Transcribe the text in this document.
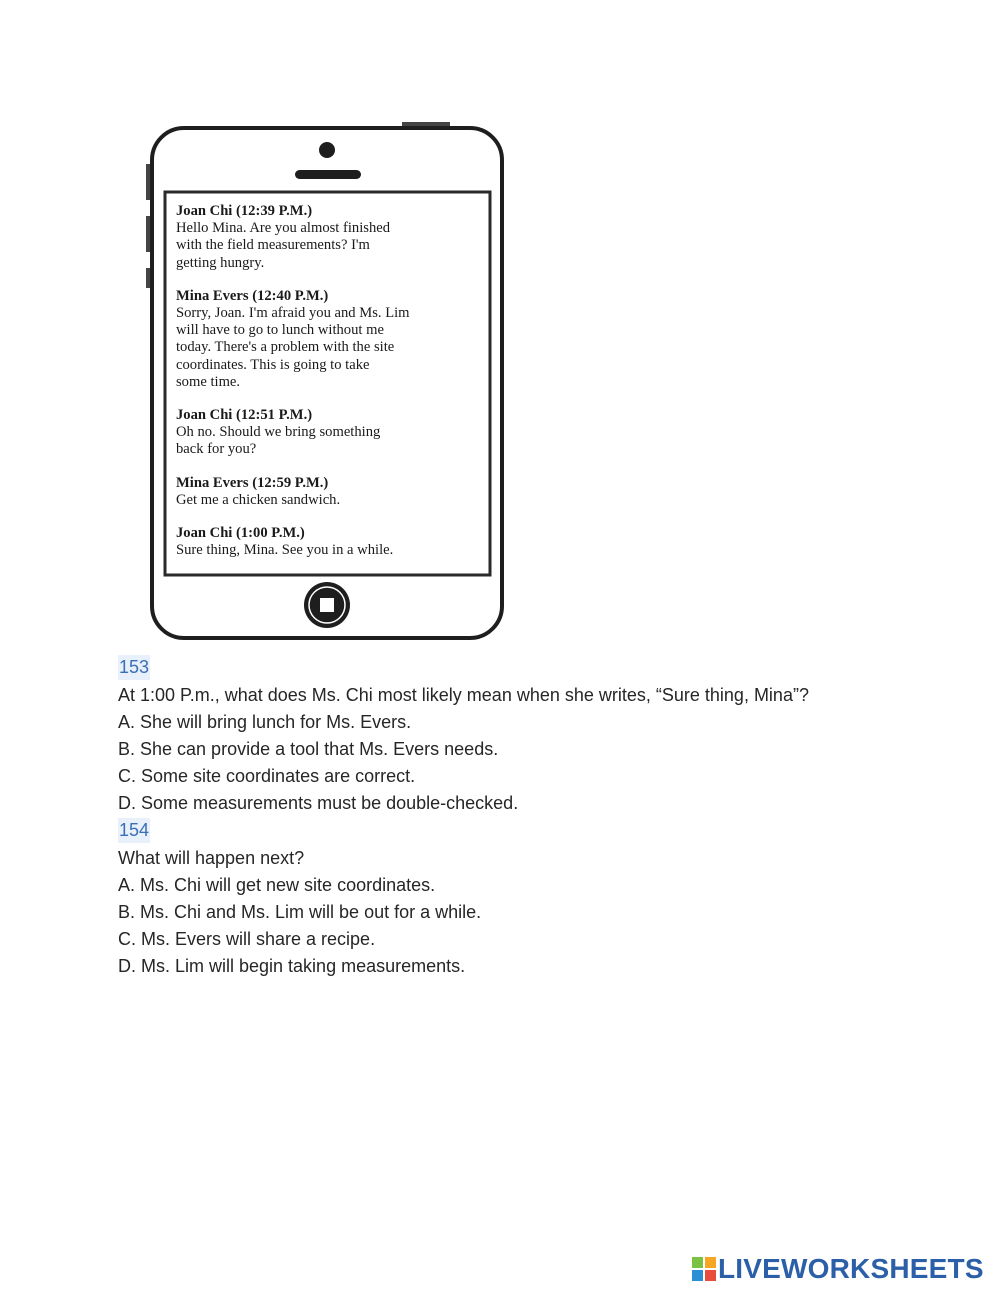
Joan Chi (12:39 P.M.)
Hello Mina. Are you almost finished
with the field measurements? I'm
getting hungry.
Mina Evers (12:40 P.M.)
Sorry, Joan. I'm afraid you and Ms. Lim
will have to go to lunch without me
today. There's a problem with the site
coordinates. This is going to take
some time.
Joan Chi (12:51 P.M.)
Oh no. Should we bring something
back for you?
Mina Evers (12:59 P.M.)
Get me a chicken sandwich.
Joan Chi (1:00 P.M.)
Sure thing, Mina. See you in a while.
153
At 1:00 P.m., what does Ms. Chi most likely mean when she writes, “Sure thing, Mina”?
A. She will bring lunch for Ms. Evers.
B. She can provide a tool that Ms. Evers needs.
C. Some site coordinates are correct.
D. Some measurements must be double-checked.
154
What will happen next?
A. Ms. Chi will get new site coordinates.
B. Ms. Chi and Ms. Lim will be out for a while.
C. Ms. Evers will share a recipe.
D. Ms. Lim will begin taking measurements.
LIVEWORKSHEETS
